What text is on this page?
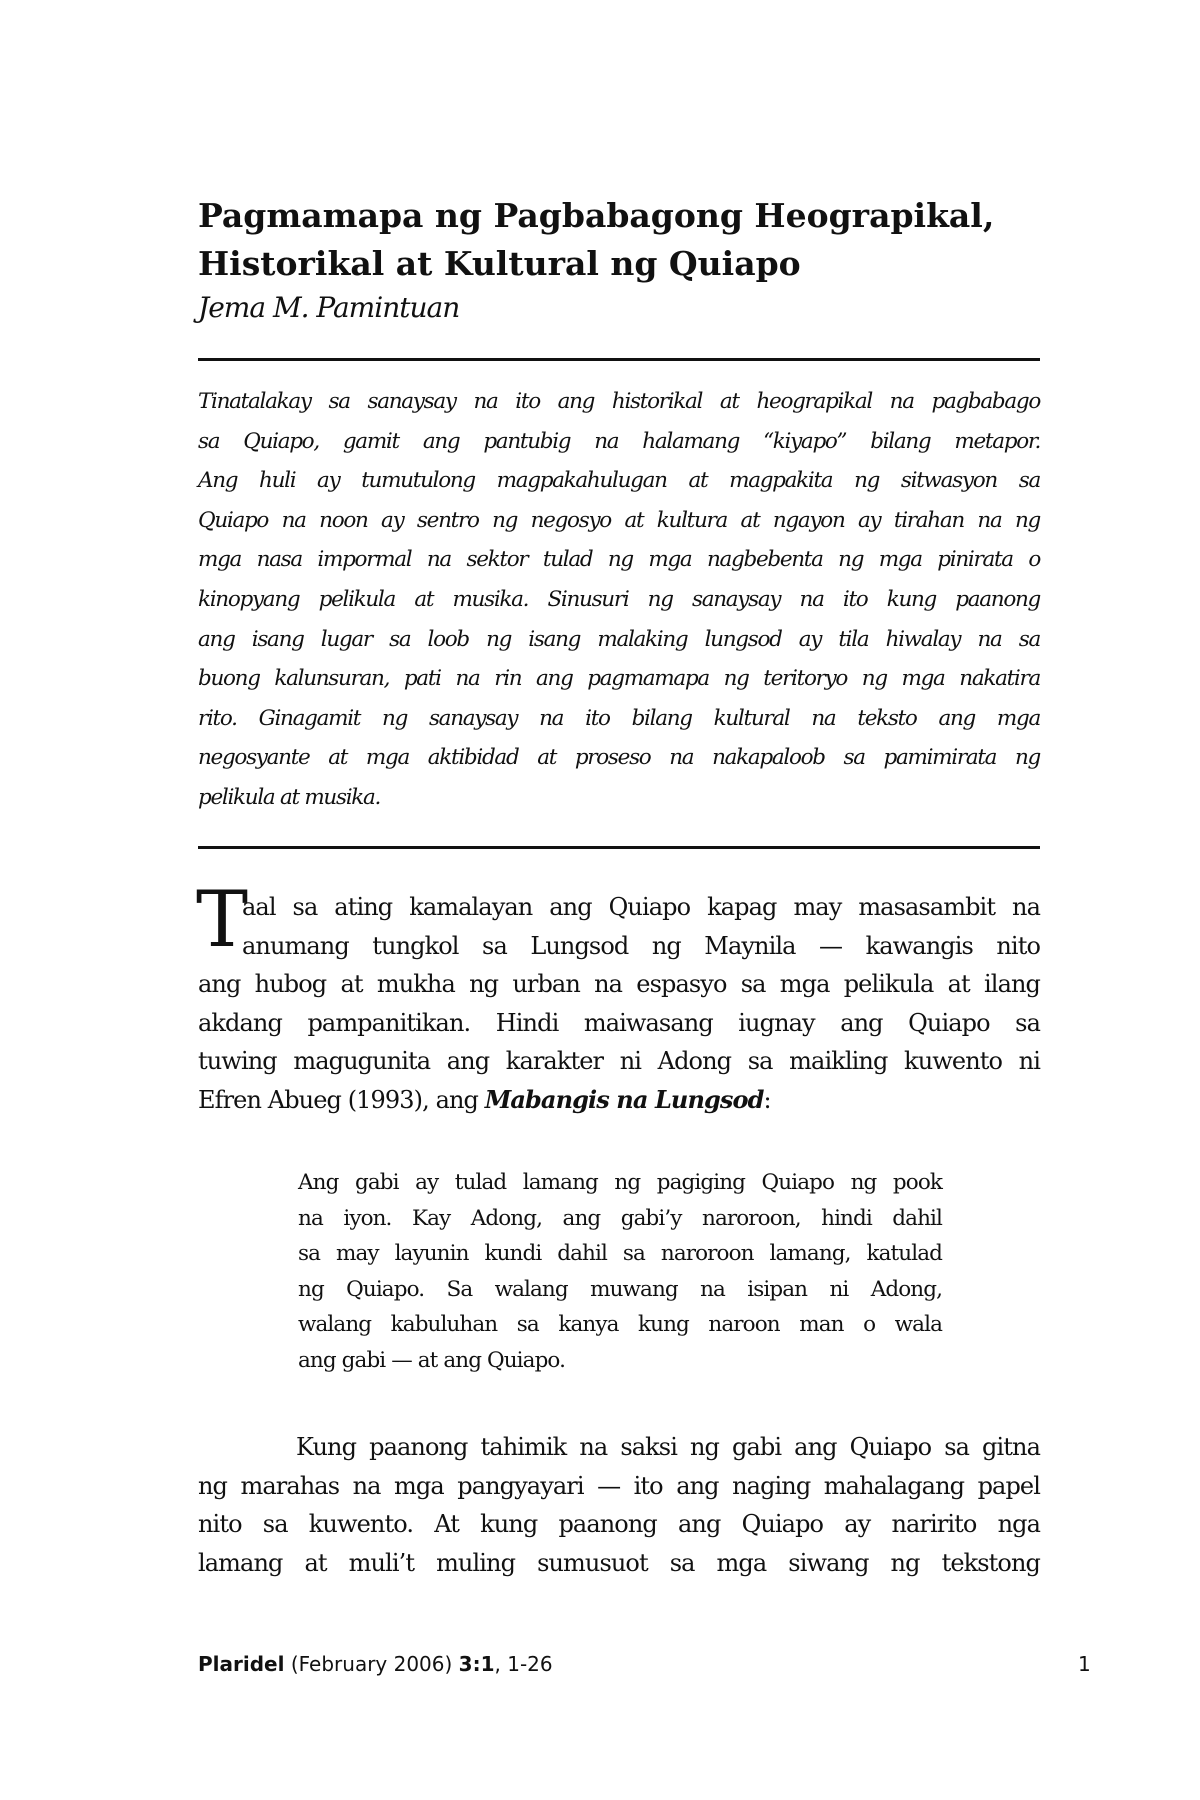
Pagmamapa ng Pagbabagong Heograpikal,
Historikal at Kultural ng Quiapo
Jema M. Pamintuan

Tinatalakay sa sanaysay na ito ang historikal at heograpikal na pagbabago
sa Quiapo, gamit ang pantubig na halamang “kiyapo” bilang metapor.
Ang huli ay tumutulong magpakahulugan at magpakita ng sitwasyon sa
Quiapo na noon ay sentro ng negosyo at kultura at ngayon ay tirahan na ng
mga nasa impormal na sektor tulad ng mga nagbebenta ng mga pinirata o
kinopyang pelikula at musika. Sinusuri ng sanaysay na ito kung paanong
ang isang lugar sa loob ng isang malaking lungsod ay tila hiwalay na sa
buong kalunsuran, pati na rin ang pagmamapa ng teritoryo ng mga nakatira
rito. Ginagamit ng sanaysay na ito bilang kultural na teksto ang mga
negosyante at mga aktibidad at proseso na nakapaloob sa pamimirata ng
pelikula at musika.

T

aal sa ating kamalayan ang Quiapo kapag may masasambit na
anumang tungkol sa Lungsod ng Maynila — kawangis nito
ang hubog at mukha ng urban na espasyo sa mga pelikula at ilang
akdang pampanitikan. Hindi maiwasang iugnay ang Quiapo sa
tuwing magugunita ang karakter ni Adong sa maikling kuwento ni
Efren Abueg (1993), ang Mabangis na Lungsod:

Ang gabi ay tulad lamang ng pagiging Quiapo ng pook
na iyon. Kay Adong, ang gabi’y naroroon, hindi dahil
sa may layunin kundi dahil sa naroroon lamang, katulad
ng Quiapo. Sa walang muwang na isipan ni Adong,
walang kabuluhan sa kanya kung naroon man o wala
ang gabi — at ang Quiapo.

Kung paanong tahimik na saksi ng gabi ang Quiapo sa gitna
ng marahas na mga pangyayari — ito ang naging mahalagang papel
nito sa kuwento. At kung paanong ang Quiapo ay naririto nga
lamang at muli’t muling sumusuot sa mga siwang ng tekstong

Plaridel (February 2006) 3:1, 1-26	1
